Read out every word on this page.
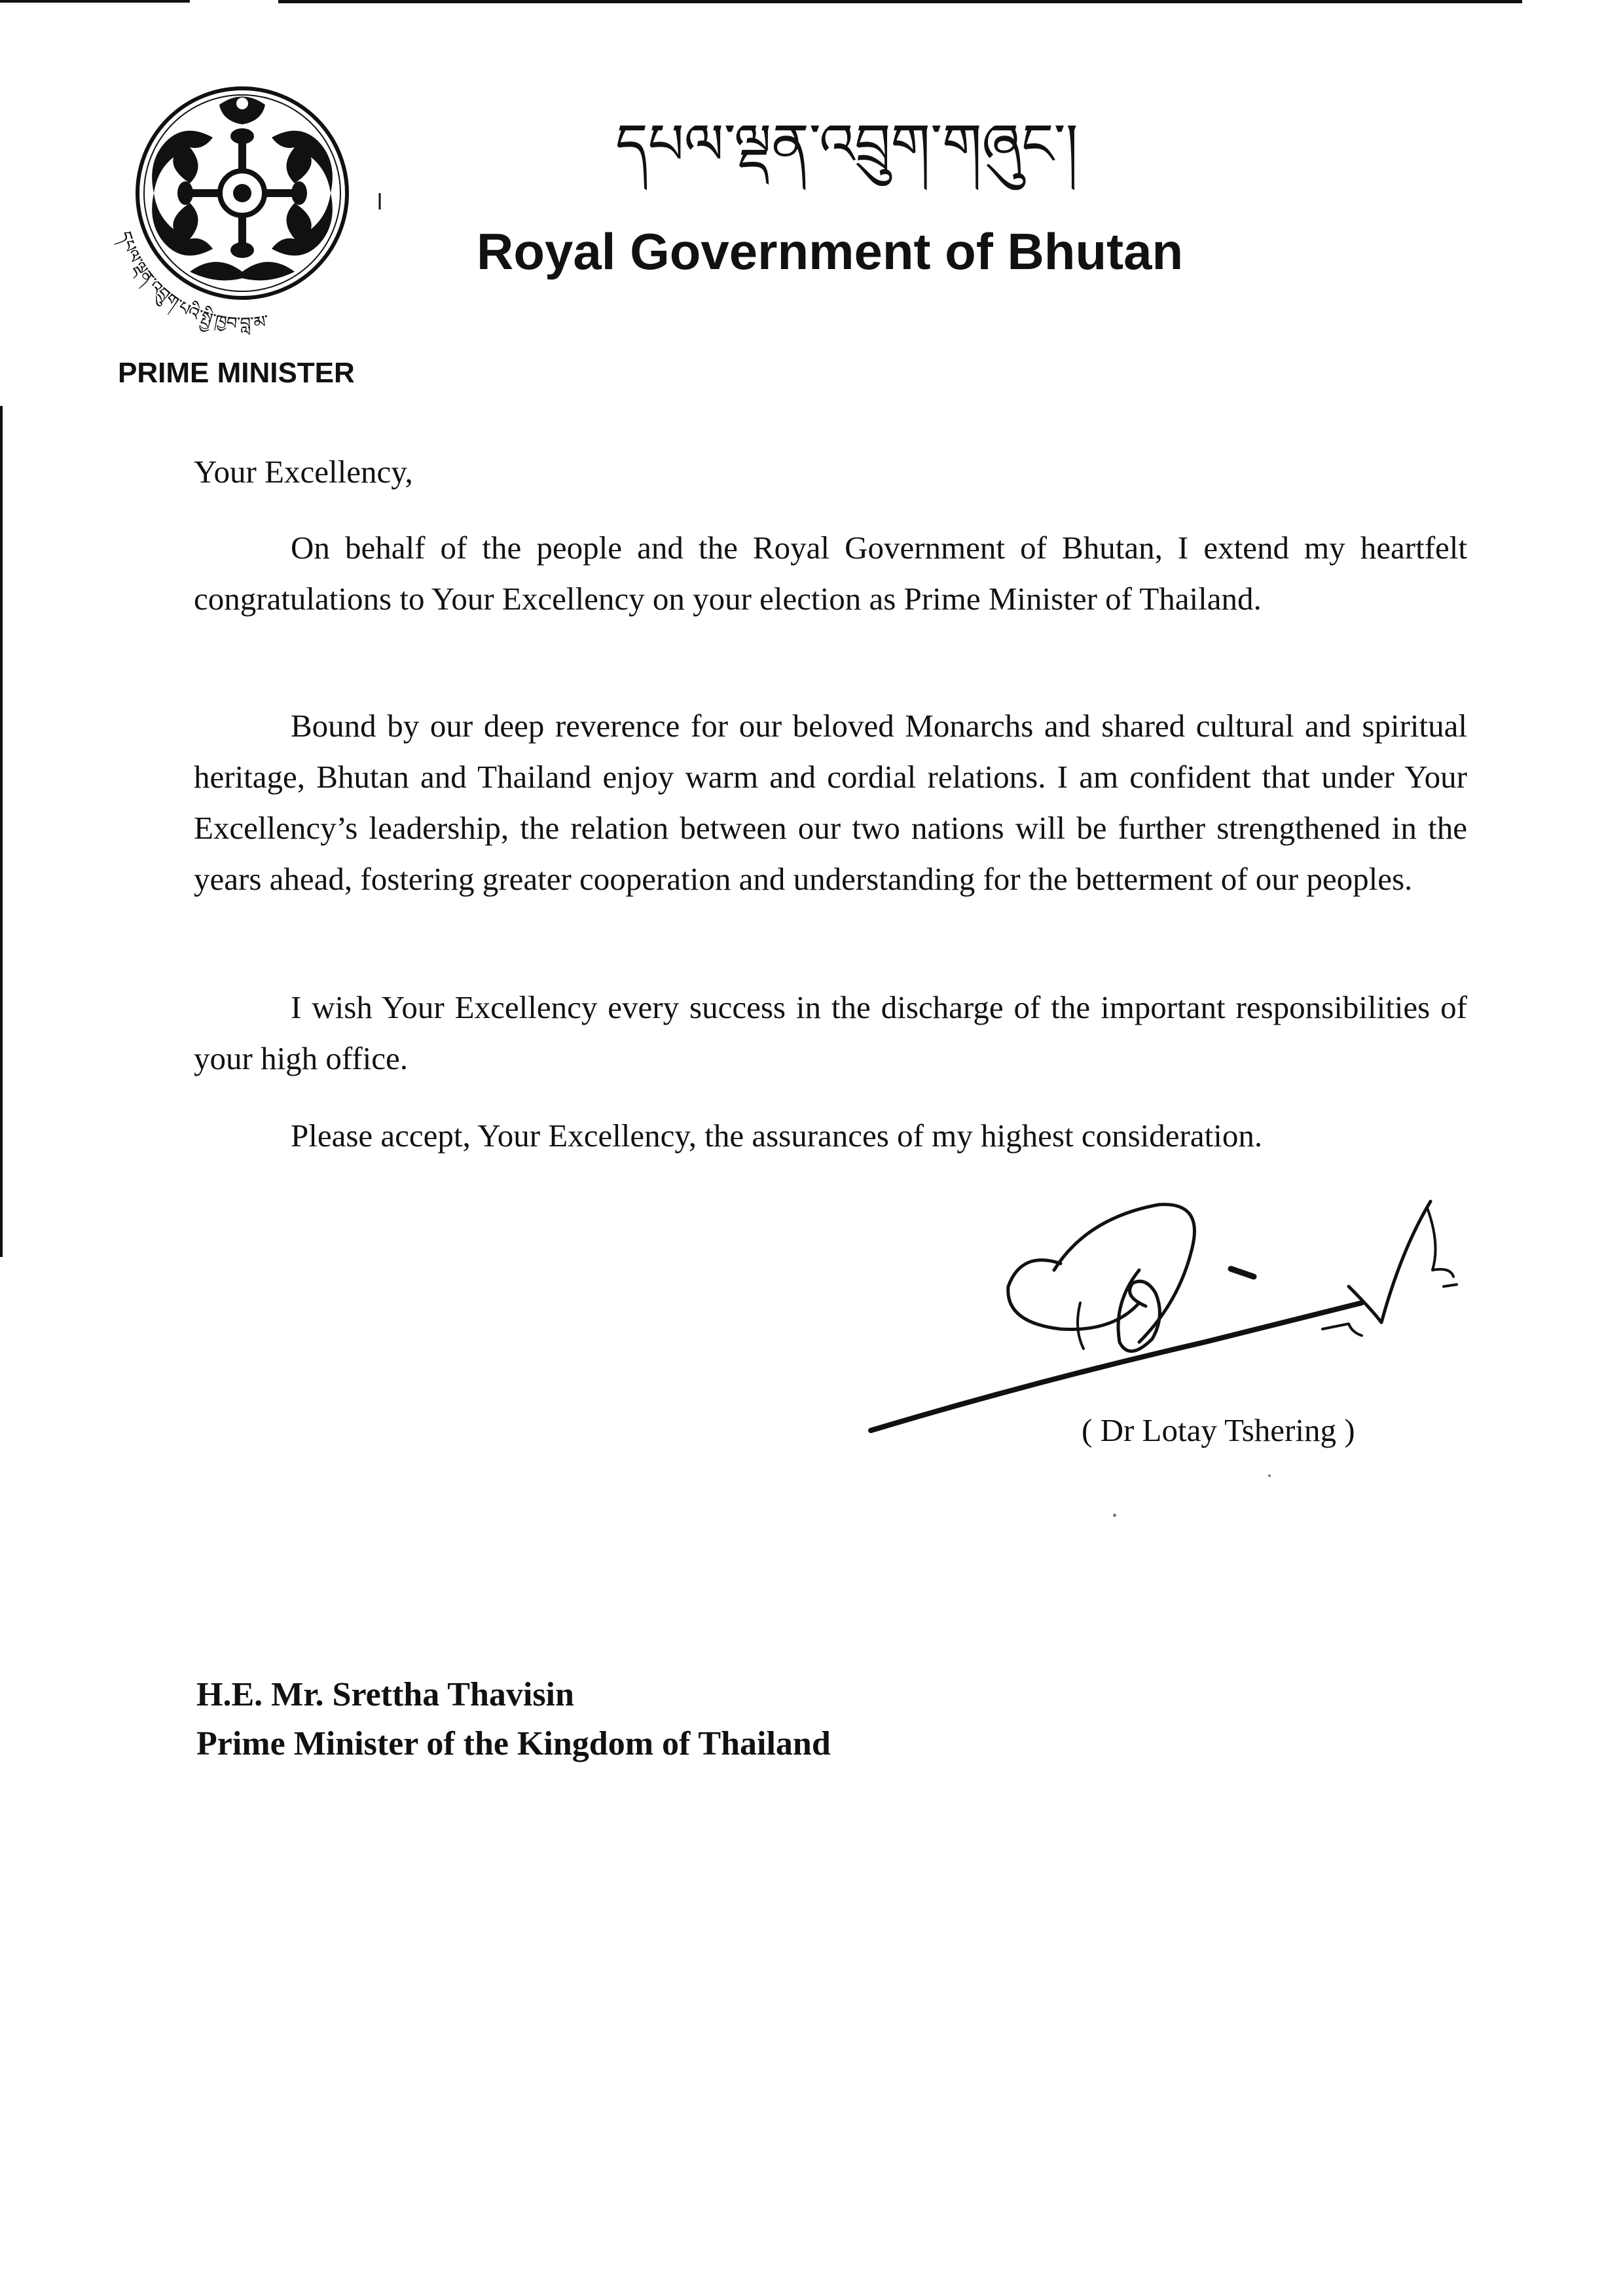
དཔལ་ལྡན་འབྲུག་པའི་སྤྱི་ཁྱབ་བླ་མ་
དཔལ་ལྡན་འབྲུག་གཞུང་།
Royal Government of Bhutan
PRIME MINISTER

Your Excellency,

On behalf of the people and the Royal Government of Bhutan, I extend my heartfelt congratulations to Your Excellency on your election as Prime Minister of Thailand.

Bound by our deep reverence for our beloved Monarchs and shared cultural and spiritual heritage, Bhutan and Thailand enjoy warm and cordial relations. I am confident that under Your Excellency’s leadership, the relation between our two nations will be further strengthened in the years ahead, fostering greater cooperation and understanding for the betterment of our peoples.

I wish Your Excellency every success in the discharge of the important responsibilities of your high office.

Please accept, Your Excellency, the assurances of my highest consideration.

( Dr Lotay Tshering )
H.E. Mr. Srettha Thavisin
Prime Minister of the Kingdom of Thailand
